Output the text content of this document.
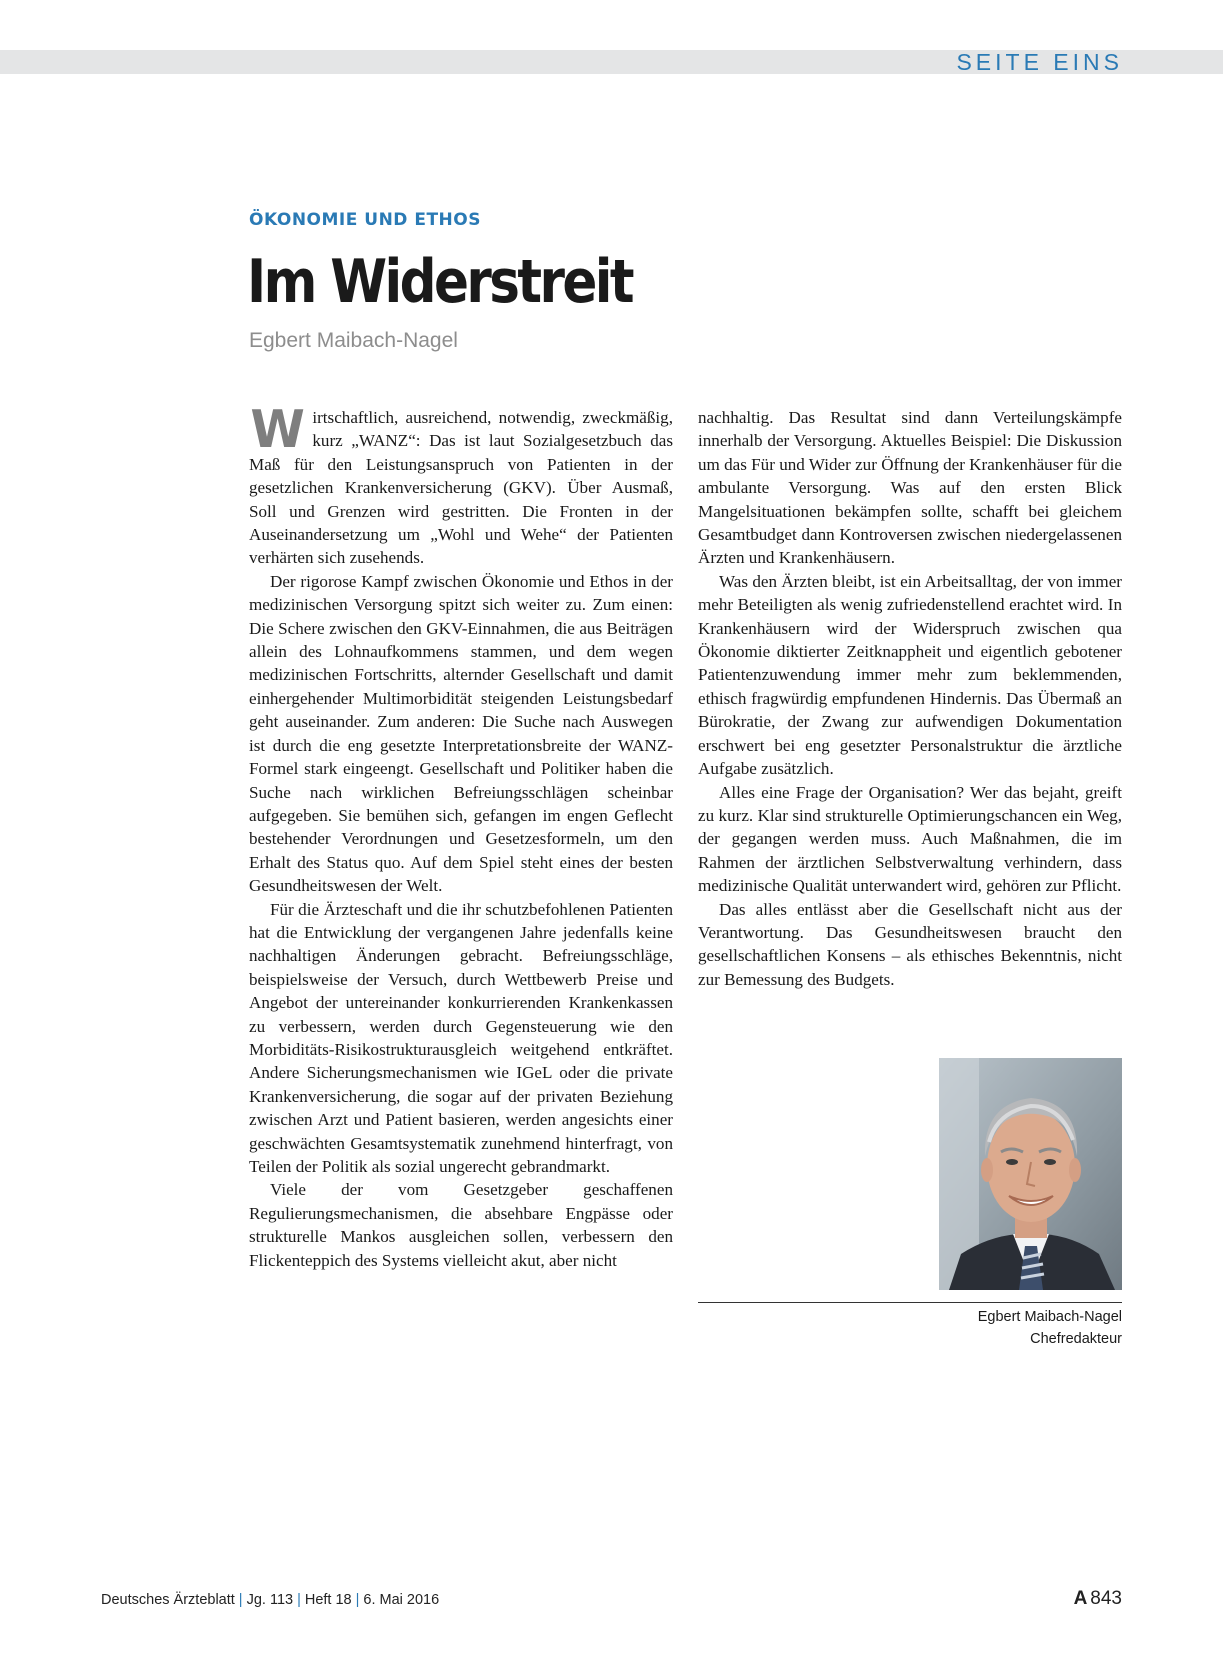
SEITE EINS
ÖKONOMIE UND ETHOS
Im Widerstreit
Egbert Maibach-Nagel

Wirtschaftlich, ausreichend, notwendig, zweckmäßig, kurz „WANZ“: Das ist laut Sozialgesetzbuch das Maß für den Leistungsanspruch von Patienten in der gesetzlichen Krankenversicherung (GKV). Über Ausmaß, Soll und Grenzen wird gestritten. Die Fronten in der Auseinandersetzung um „Wohl und Wehe“ der Patienten verhärten sich zusehends.

Der rigorose Kampf zwischen Ökonomie und Ethos in der medizinischen Versorgung spitzt sich weiter zu. Zum einen: Die Schere zwischen den GKV-Einnahmen, die aus Beiträgen allein des Lohnaufkommens stammen, und dem wegen medizinischen Fortschritts, alternder Gesellschaft und damit einhergehender Multimorbidität steigenden Leistungsbedarf geht auseinander. Zum anderen: Die Suche nach Auswegen ist durch die eng gesetzte Interpretationsbreite der WANZ-Formel stark eingeengt. Gesellschaft und Politiker haben die Suche nach wirklichen Befreiungsschlägen scheinbar aufgegeben. Sie bemühen sich, gefangen im engen Geflecht bestehender Verordnungen und Gesetzesformeln, um den Erhalt des Status quo. Auf dem Spiel steht eines der besten Gesundheitswesen der Welt.

Für die Ärzteschaft und die ihr schutzbefohlenen Patienten hat die Entwicklung der vergangenen Jahre jedenfalls keine nachhaltigen Änderungen gebracht. Befreiungsschläge, beispielsweise der Versuch, durch Wettbewerb Preise und Angebot der untereinander konkurrierenden Krankenkassen zu verbessern, werden durch Gegensteuerung wie den Morbiditäts-Risikostrukturausgleich weitgehend entkräftet. Andere Sicherungsmechanismen wie IGeL oder die private Krankenversicherung, die sogar auf der privaten Beziehung zwischen Arzt und Patient basieren, werden angesichts einer geschwächten Gesamtsystematik zunehmend hinterfragt, von Teilen der Politik als sozial ungerecht gebrandmarkt.

Viele der vom Gesetzgeber geschaffenen Regulierungsmechanismen, die absehbare Engpässe oder strukturelle Mankos ausgleichen sollen, verbessern den Flickenteppich des Systems vielleicht akut, aber nicht

nachhaltig. Das Resultat sind dann Verteilungskämpfe innerhalb der Versorgung. Aktuelles Beispiel: Die Diskussion um das Für und Wider zur Öffnung der Krankenhäuser für die ambulante Versorgung. Was auf den ersten Blick Mangelsituationen bekämpfen sollte, schafft bei gleichem Gesamtbudget dann Kontroversen zwischen niedergelassenen Ärzten und Krankenhäusern.

Was den Ärzten bleibt, ist ein Arbeitsalltag, der von immer mehr Beteiligten als wenig zufriedenstellend erachtet wird. In Krankenhäusern wird der Widerspruch zwischen qua Ökonomie diktierter Zeitknappheit und eigentlich gebotener Patientenzuwendung immer mehr zum beklemmenden, ethisch fragwürdig empfundenen Hindernis. Das Übermaß an Bürokratie, der Zwang zur aufwendigen Dokumentation erschwert bei eng gesetzter Personalstruktur die ärztliche Aufgabe zusätzlich.

Alles eine Frage der Organisation? Wer das bejaht, greift zu kurz. Klar sind strukturelle Optimierungschancen ein Weg, der gegangen werden muss. Auch Maßnahmen, die im Rahmen der ärztlichen Selbstverwaltung verhindern, dass medizinische Qualität unterwandert wird, gehören zur Pflicht.

Das alles entlässt aber die Gesellschaft nicht aus der Verantwortung. Das Gesundheitswesen braucht den gesellschaftlichen Konsens – als ethisches Bekenntnis, nicht zur Bemessung des Budgets.

Egbert Maibach-Nagel
Chefredakteur
Deutsches Ärzteblatt | Jg. 113 | Heft 18 | 6. Mai 2016	A 843
